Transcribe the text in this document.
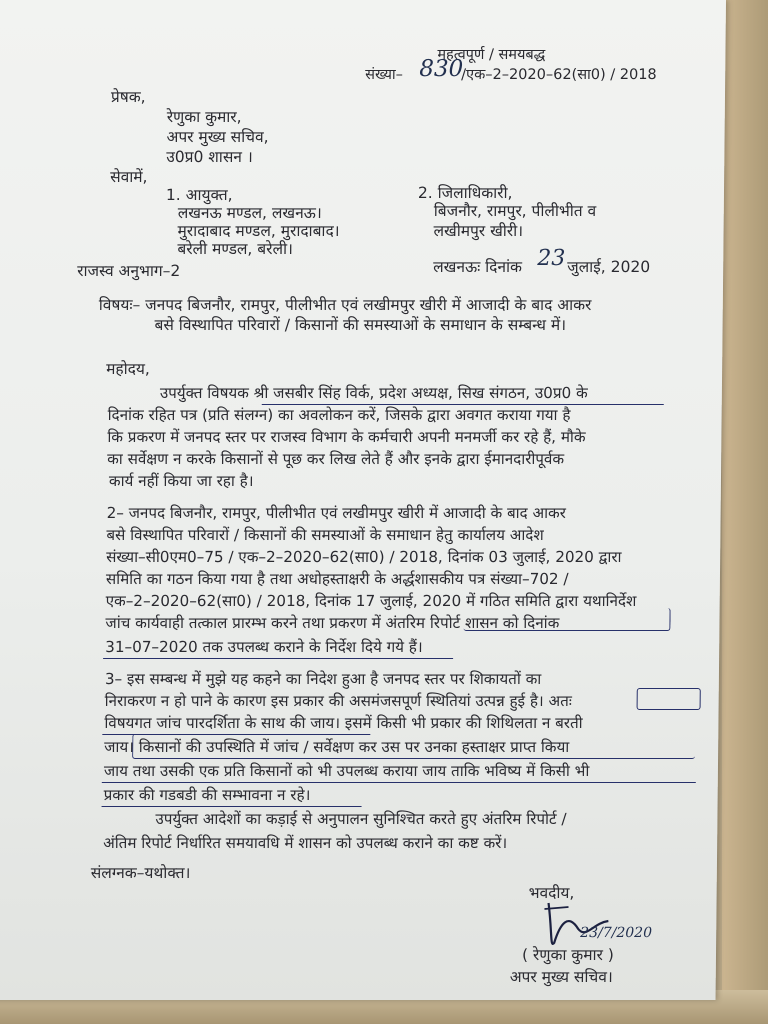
महत्वपूर्ण / समयबद्ध
संख्या– 830
/एक–2–2020–62(सा0) / 2018
प्रेषक,
रेणुका कुमार,
अपर मुख्य सचिव,
उ0प्र0 शासन ।
सेवामें,
1. आयुक्त,
लखनऊ मण्डल, लखनऊ।
मुरादाबाद मण्डल, मुरादाबाद।
बरेली मण्डल, बरेली।
2. जिलाधिकारी,
बिजनौर, रामपुर, पीलीभीत व
लखीमपुर खीरी।
राजस्व अनुभाग–2	लखनऊः दिनांक 23 जुलाई, 2020
विषयः– जनपद बिजनौर, रामपुर, पीलीभीत एवं लखीमपुर खीरी में आजादी के बाद आकर
बसे विस्थापित परिवारों / किसानों की समस्याओं के समाधान के सम्बन्ध में।
महोदय,
उपर्युक्त विषयक श्री जसबीर सिंह विर्क, प्रदेश अध्यक्ष, सिख संगठन, उ0प्र0 के
दिनांक रहित पत्र (प्रति संलग्न) का अवलोकन करें, जिसके द्वारा अवगत कराया गया है
कि प्रकरण में जनपद स्तर पर राजस्व विभाग के कर्मचारी अपनी मनमर्जी कर रहे हैं, मौके
का सर्वेक्षण न करके किसानों से पूछ कर लिख लेते हैं और इनके द्वारा ईमानदारीपूर्वक
कार्य नहीं किया जा रहा है।
2– जनपद बिजनौर, रामपुर, पीलीभीत एवं लखीमपुर खीरी में आजादी के बाद आकर
बसे विस्थापित परिवारों / किसानों की समस्याओं के समाधान हेतु कार्यालय आदेश
संख्या–सी0एम0–75 / एक–2–2020–62(सा0) / 2018, दिनांक 03 जुलाई, 2020 द्वारा
समिति का गठन किया गया है तथा अधोहस्ताक्षरी के अर्द्धशासकीय पत्र संख्या–702 /
एक–2–2020–62(सा0) / 2018, दिनांक 17 जुलाई, 2020 में गठित समिति द्वारा यथानिर्देश
जांच कार्यवाही तत्काल प्रारम्भ करने तथा प्रकरण में अंतरिम रिपोर्ट शासन को दिनांक
31–07–2020 तक उपलब्ध कराने के निर्देश दिये गये हैं।
3– इस सम्बन्ध में मुझे यह कहने का निदेश हुआ है जनपद स्तर पर शिकायतों का
निराकरण न हो पाने के कारण इस प्रकार की असमंजसपूर्ण स्थितियां उत्पन्न हुई है। अतः
विषयगत जांच पारदर्शिता के साथ की जाय। इसमें किसी भी प्रकार की शिथिलता न बरती
जाय। किसानों की उपस्थिति में जांच / सर्वेक्षण कर उस पर उनका हस्ताक्षर प्राप्त किया
जाय तथा उसकी एक प्रति किसानों को भी उपलब्ध कराया जाय ताकि भविष्य में किसी भी
प्रकार की गडबडी की सम्भावना न रहे।
उपर्युक्त आदेशों का कड़ाई से अनुपालन सुनिश्चित करते हुए अंतरिम रिपोर्ट /
अंतिम रिपोर्ट निर्धारित समयावधि में शासन को उपलब्ध कराने का कष्ट करें।
संलग्नक–यथोक्त।
भवदीय,
23/7/2020
( रेणुका कुमार )
अपर मुख्य सचिव।
